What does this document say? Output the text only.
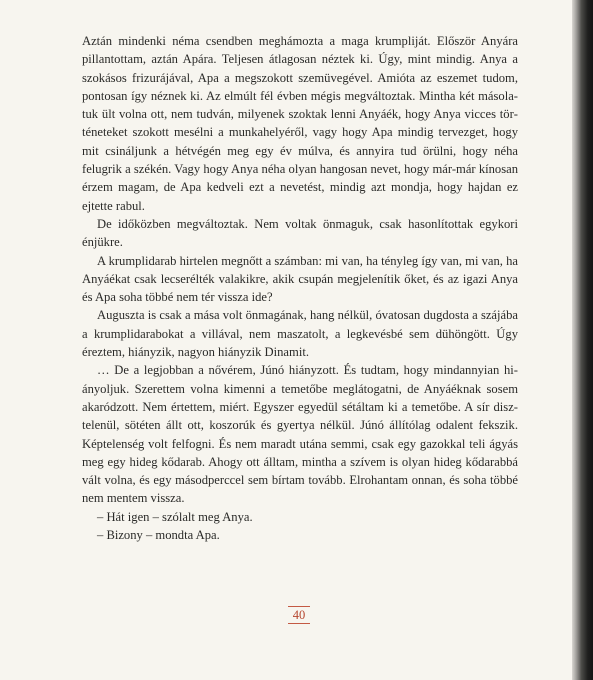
Aztán mindenki néma csendben meghámozta a maga krumpliját. Először Anyára pillantottam, aztán Apára. Teljesen átlagosan néztek ki. Úgy, mint mindig. Anya a szokásos frizurájával, Apa a megszokott szemüvegével. Amióta az eszemet tudom, pontosan így néznek ki. Az elmúlt fél évben mégis megváltoztak. Mintha két másolatuk ült volna ott, nem tudván, milyenek szoktak lenni Anyáék, hogy Anya vicces történeteket szokott mesélni a munkahelyéről, vagy hogy Apa mindig tervezget, hogy mit csináljunk a hétvégén meg egy év múlva, és annyira tud örülni, hogy néha felugrik a székén. Vagy hogy Anya néha olyan hangosan nevet, hogy már-már kínosan érzem magam, de Apa kedveli ezt a nevetést, mindig azt mondja, hogy hajdan ez ejtette rabul.

De időközben megváltoztak. Nem voltak önmaguk, csak hasonlítottak egykori énjükre.

A krumplidarab hirtelen megnőtt a számban: mi van, ha tényleg így van, mi van, ha Anyáékat csak lecserélték valakikre, akik csupán megjelenítik őket, és az igazi Anya és Apa soha többé nem tér vissza ide?

Auguszta is csak a mása volt önmagának, hang nélkül, óvatosan dugdosta a szájába a krumplidarabokat a villával, nem maszatolt, a legkevésbé sem dühöngött. Úgy éreztem, hiányzik, nagyon hiányzik Dinamit.

… De a legjobban a nővérem, Júnó hiányzott. És tudtam, hogy mindannyian hiányoljuk. Szerettem volna kimenni a temetőbe meglátogatni, de Anyáéknak sosem akaródzott. Nem értettem, miért. Egyszer egyedül sétáltam ki a temetőbe. A sír disztelenül, sötéten állt ott, koszorúk és gyertya nélkül. Júnó állítólag odalent fekszik. Képtelenség volt felfogni. És nem maradt utána semmi, csak egy gazokkal teli ágyás meg egy hideg kődarab. Ahogy ott álltam, mintha a szívem is olyan hideg kődarabbá vált volna, és egy másodperccel sem bírtam tovább. Elrohantam onnan, és soha többé nem mentem vissza.

– Hát igen – szólalt meg Anya.

– Bizony – mondta Apa.

40
